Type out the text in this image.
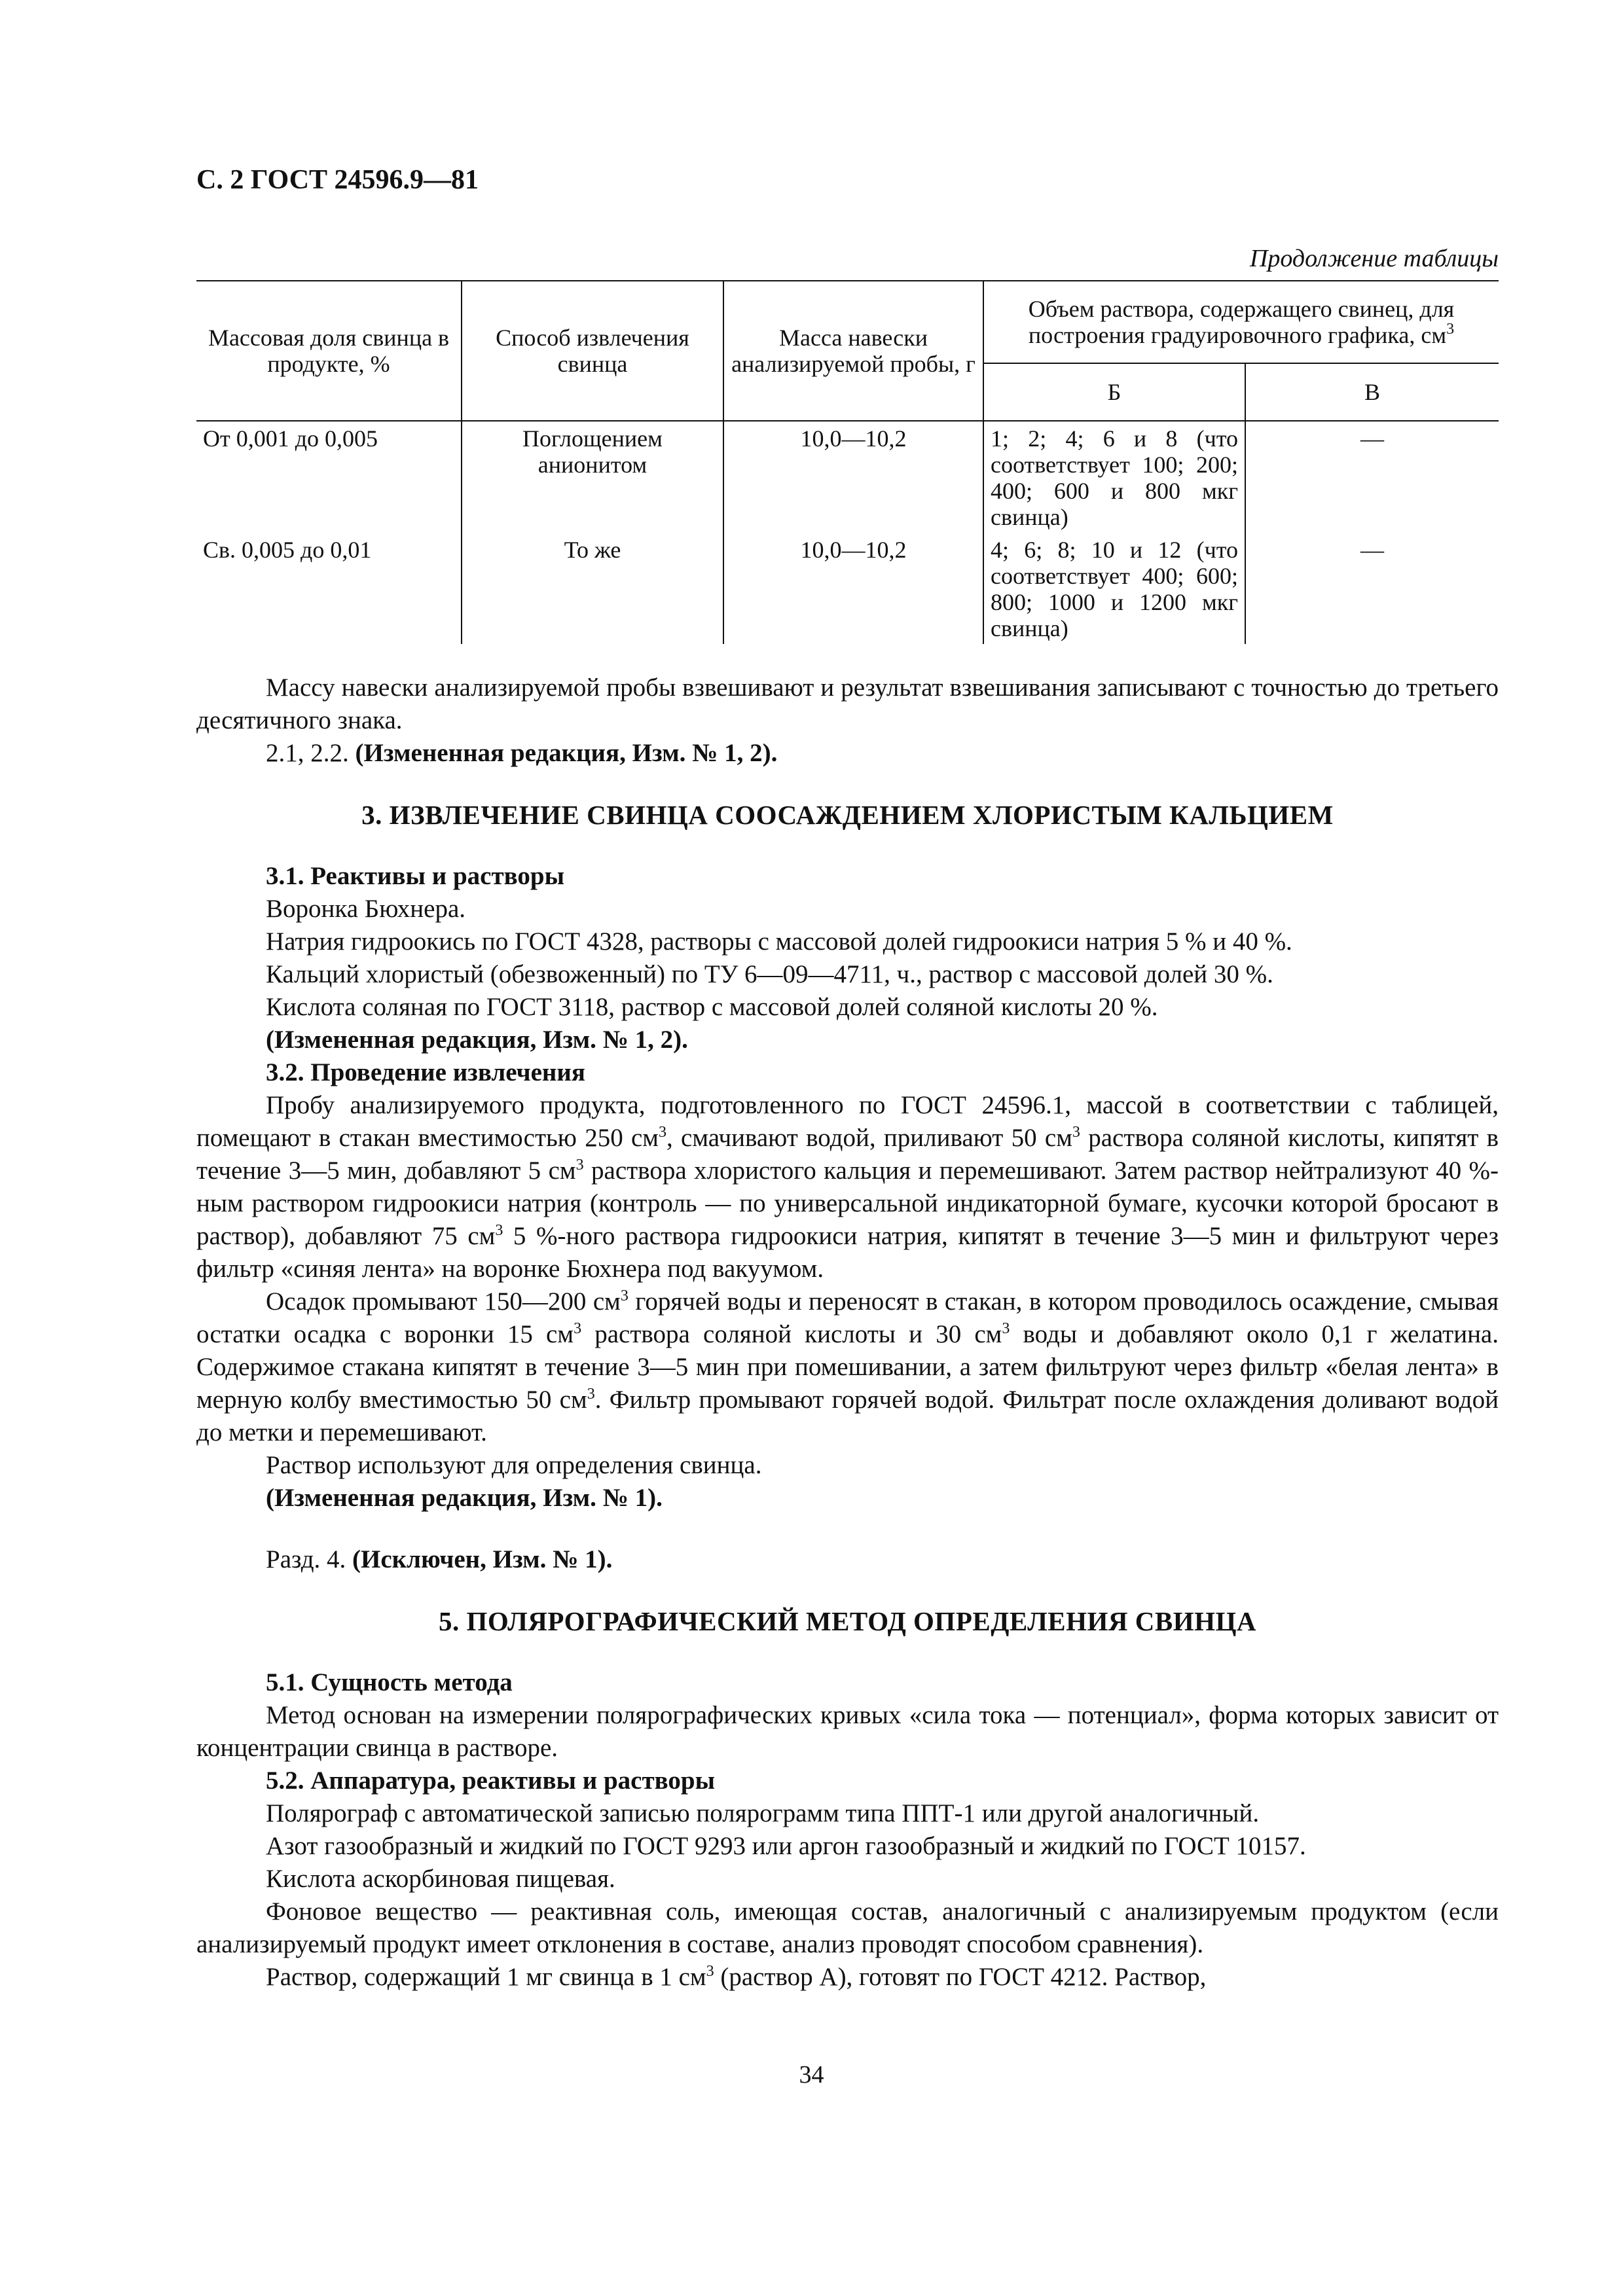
С. 2 ГОСТ 24596.9—81
Продолжение таблицы
Массовая доля свинца в продукте, %	Способ извлечения свинца	Масса навески анализируемой пробы, г	Объем раствора, содержащего свинец, для построения градуировочного графика, $см^3$
			Б	В
От 0,001 до 0,005	Поглощением анионитом	10,0—10,2	1; 2; 4; 6 и 8 (что соответствует 100; 200; 400; 600 и 800 мкг свинца)	—
Св. 0,005 до 0,01	То же	10,0—10,2	4; 6; 8; 10 и 12 (что соответствует 400; 600; 800; 1000 и 1200 мкг свинца)	—

Массу навески анализируемой пробы взвешивают и результат взвешивания записывают с точностью до третьего десятичного знака.

2.1, 2.2. (Измененная редакция, Изм. № 1, 2).

3. ИЗВЛЕЧЕНИЕ СВИНЦА СООСАЖДЕНИЕМ ХЛОРИСТЫМ КАЛЬЦИЕМ

3.1. Реактивы и растворы

Воронка Бюхнера.

Натрия гидроокись по ГОСТ 4328, растворы с массовой долей гидроокиси натрия 5 % и 40 %.

Кальций хлористый (обезвоженный) по ТУ 6—09—4711, ч., раствор с массовой долей 30 %.

Кислота соляная по ГОСТ 3118, раствор с массовой долей соляной кислоты 20 %.

(Измененная редакция, Изм. № 1, 2).

3.2. Проведение извлечения

Пробу анализируемого продукта, подготовленного по ГОСТ 24596.1, массой в соответствии с таблицей, помещают в стакан вместимостью 250 $см^3$, смачивают водой, приливают 50 $см^3$ раствора соляной кислоты, кипятят в течение 3—5 мин, добавляют 5 $см^3$ раствора хлористого кальция и перемешивают. Затем раствор нейтрализуют 40 %-ным раствором гидроокиси натрия (контроль — по универсальной индикаторной бумаге, кусочки которой бросают в раствор), добавляют 75 $см^3$ 5 %-ного раствора гидроокиси натрия, кипятят в течение 3—5 мин и фильтруют через фильтр «синяя лента» на воронке Бюхнера под вакуумом.

Осадок промывают 150—200 $см^3$ горячей воды и переносят в стакан, в котором проводилось осаждение, смывая остатки осадка с воронки 15 $см^3$ раствора соляной кислоты и 30 $см^3$ воды и добавляют около 0,1 г желатина. Содержимое стакана кипятят в течение 3—5 мин при помешивании, а затем фильтруют через фильтр «белая лента» в мерную колбу вместимостью 50 $см^3$. Фильтр промывают горячей водой. Фильтрат после охлаждения доливают водой до метки и перемешивают.

Раствор используют для определения свинца.

(Измененная редакция, Изм. № 1).

Разд. 4. (Исключен, Изм. № 1).

5. ПОЛЯРОГРАФИЧЕСКИЙ МЕТОД ОПРЕДЕЛЕНИЯ СВИНЦА

5.1. Сущность метода

Метод основан на измерении полярографических кривых «сила тока — потенциал», форма которых зависит от концентрации свинца в растворе.

5.2. Аппаратура, реактивы и растворы

Полярограф с автоматической записью полярограмм типа ППТ-1 или другой аналогичный.

Азот газообразный и жидкий по ГОСТ 9293 или аргон газообразный и жидкий по ГОСТ 10157.

Кислота аскорбиновая пищевая.

Фоновое вещество — реактивная соль, имеющая состав, аналогичный с анализируемым продуктом (если анализируемый продукт имеет отклонения в составе, анализ проводят способом сравнения).

Раствор, содержащий 1 мг свинца в 1 $см^3$ (раствор А), готовят по ГОСТ 4212. Раствор,

34
